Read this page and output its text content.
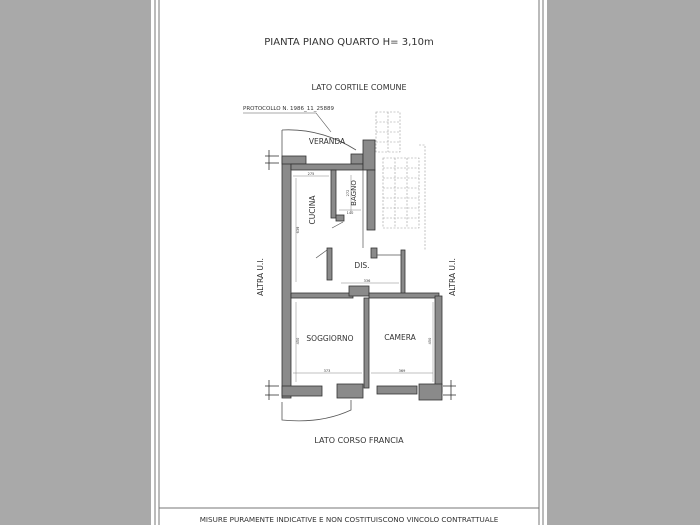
PIANTA PIANO QUARTO H= 3,10m
LATO CORTILE COMUNE
PROTOCOLLO N. 1986_11_25889
VERANDA
BAGNO
CUCINA
DIS.
SOGGIORNO	CAMERA
ALTRA U.I.	ALTRA U.I.
LATO CORSO FRANCIA
MISURE PURAMENTE INDICATIVE E NON COSTITUISCONO VINCOLO CONTRATTUALE
275
639
140
272
336
450
373
450
369
